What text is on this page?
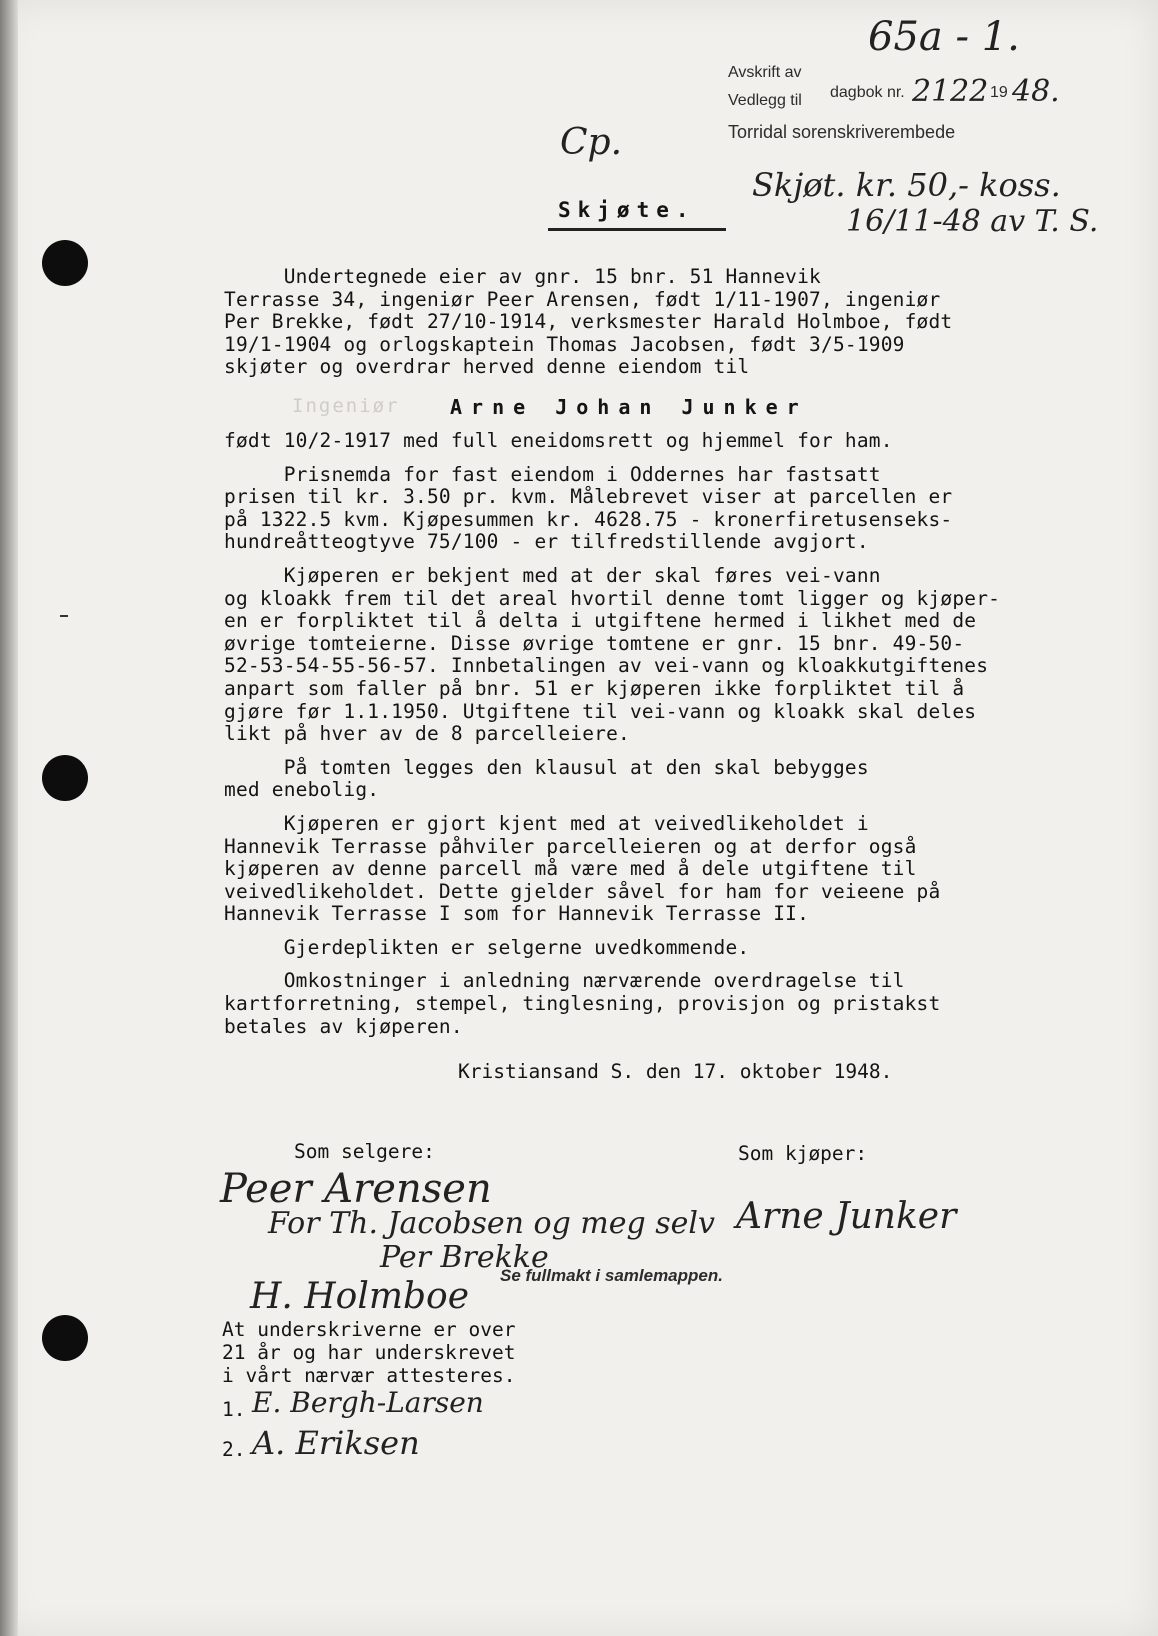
65a - 1.
Avskrift av
dagbok nr. 2122 19 48.
Vedlegg til
Torridal sorenskriverembede
Cp.
Skjøt. kr. 50,- koss.
16/11-48 av T. S.
Skjøte.
Undertegnede eier av gnr. 15 bnr. 51 Hannevik
Terrasse 34, ingeniør Peer Arensen, født 1/11-1907, ingeniør
Per Brekke, født 27/10-1914, verksmester Harald Holmboe, født
19/1-1904 og orlogskaptein Thomas Jacobsen, født 3/5-1909
skjøter og overdrar herved denne eiendom til
Ingeniør	Arne Johan Junker
født 10/2-1917 med full eneidomsrett og hjemmel for ham.
Prisnemda for fast eiendom i Oddernes har fastsatt
prisen til kr. 3.50 pr. kvm. Målebrevet viser at parcellen er
på 1322.5 kvm. Kjøpesummen kr. 4628.75 - kronerfiretusenseks-
hundreåtteogtyve 75/100 - er tilfredstillende avgjort.
Kjøperen er bekjent med at der skal føres vei-vann
og kloakk frem til det areal hvortil denne tomt ligger og kjøper-
en er forpliktet til å delta i utgiftene hermed i likhet med de
øvrige tomteierne. Disse øvrige tomtene er gnr. 15 bnr. 49-50-
52-53-54-55-56-57. Innbetalingen av vei-vann og kloakkutgiftenes
anpart som faller på bnr. 51 er kjøperen ikke forpliktet til å
gjøre før 1.1.1950. Utgiftene til vei-vann og kloakk skal deles
likt på hver av de 8 parcelleiere.
På tomten legges den klausul at den skal bebygges
med enebolig.
Kjøperen er gjort kjent med at veivedlikeholdet i
Hannevik Terrasse påhviler parcelleieren og at derfor også
kjøperen av denne parcell må være med å dele utgiftene til
veivedlikeholdet. Dette gjelder såvel for ham for veieene på
Hannevik Terrasse I som for Hannevik Terrasse II.
Gjerdeplikten er selgerne uvedkommende.
Omkostninger i anledning nærværende overdragelse til
kartforretning, stempel, tinglesning, provisjon og pristakst
betales av kjøperen.
Kristiansand S. den 17. oktober 1948.
Som selgere:	Som kjøper:
Peer Arensen
For Th. Jacobsen og meg selv
Per Brekke
Arne Junker
Se fullmakt i samlemappen.
H. Holmboe
At underskriverne er over
21 år og har underskrevet
i vårt nærvær attesteres.
1. E. Bergh-Larsen
2. A. Eriksen
